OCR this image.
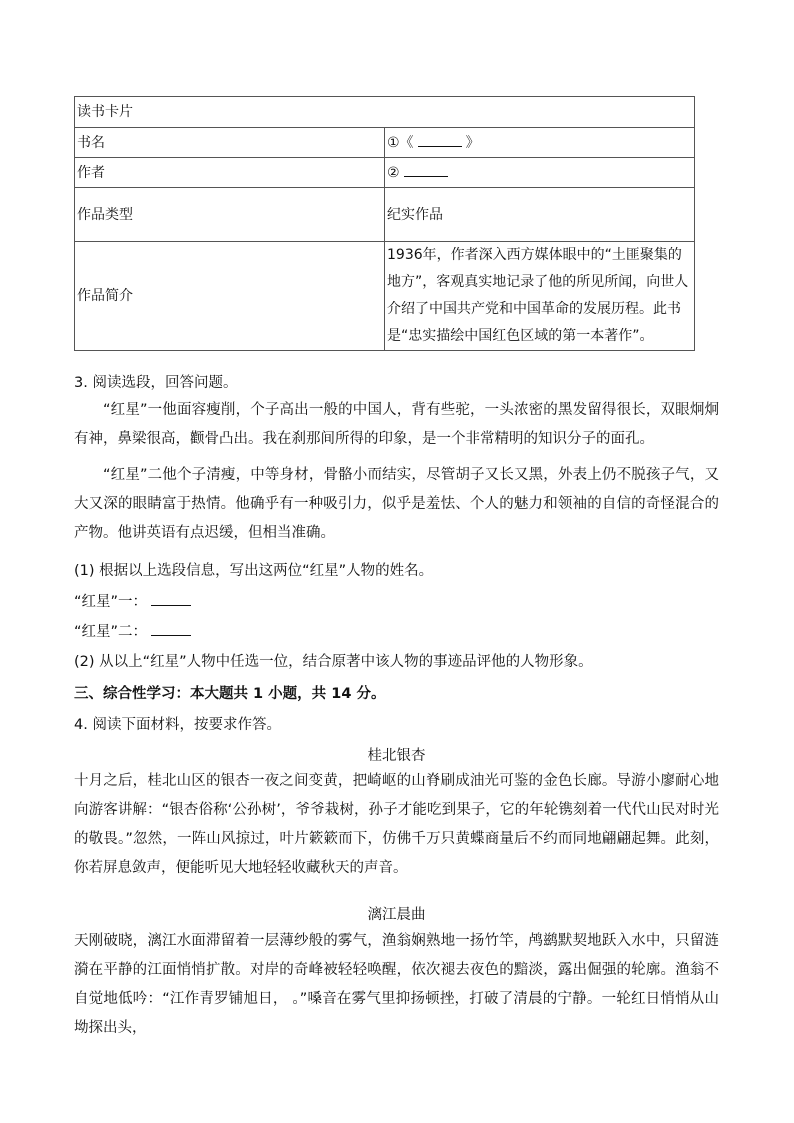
读书卡片	
书名	①《 》
作者	②
作品类型	纪实作品
作品简介	1936年，作者深入西方媒体眼中的“土匪聚集的地方”，客观真实地记录了他的所见所闻，向世人介绍了中国共产党和中国革命的发展历程。此书是“忠实描绘中国红色区域的第一本著作”。
3. 阅读选段，回答问题。
“红星”一他面容瘦削，个子高出一般的中国人，背有些驼，一头浓密的黑发留得很长，双眼炯炯有神，鼻梁很高，颧骨凸出。我在刹那间所得的印象，是一个非常精明的知识分子的面孔。
“红星”二他个子清瘦，中等身材，骨骼小而结实，尽管胡子又长又黑，外表上仍不脱孩子气，又大又深的眼睛富于热情。他确乎有一种吸引力，似乎是羞怯、个人的魅力和领袖的自信的奇怪混合的产物。他讲英语有点迟缓，但相当准确。
(1) 根据以上选段信息，写出这两位“红星”人物的姓名。
“红星”一：
“红星”二：
(2) 从以上“红星”人物中任选一位，结合原著中该人物的事迹品评他的人物形象。
三、综合性学习：本大题共 1 小题，共 14 分。
4. 阅读下面材料，按要求作答。
桂北银杏
十月之后，桂北山区的银杏一夜之间变黄，把崎岖的山脊刷成油光可鉴的金色长廊。导游小廖耐心地向游客讲解：“银杏俗称‘公孙树’，爷爷栽树，孙子才能吃到果子，它的年轮镌刻着一代代山民对时光的敬畏。”忽然，一阵山风掠过，叶片簌簌而下，仿佛千万只黄蝶商量后不约而同地翩翩起舞。此刻，你若屏息敛声，便能听见大地轻轻收藏秋天的声音。
漓江晨曲
天刚破晓，漓江水面滞留着一层薄纱般的雾气，渔翁娴熟地一扬竹竿，鸬鹚默契地跃入水中，只留涟漪在平静的江面悄悄扩散。对岸的奇峰被轻轻唤醒，依次褪去夜色的黯淡，露出倔强的轮廓。渔翁不自觉地低吟：“江作青罗铺旭日， 。”嗓音在雾气里抑扬顿挫，打破了清晨的宁静。一轮红日悄悄从山坳探出头，
